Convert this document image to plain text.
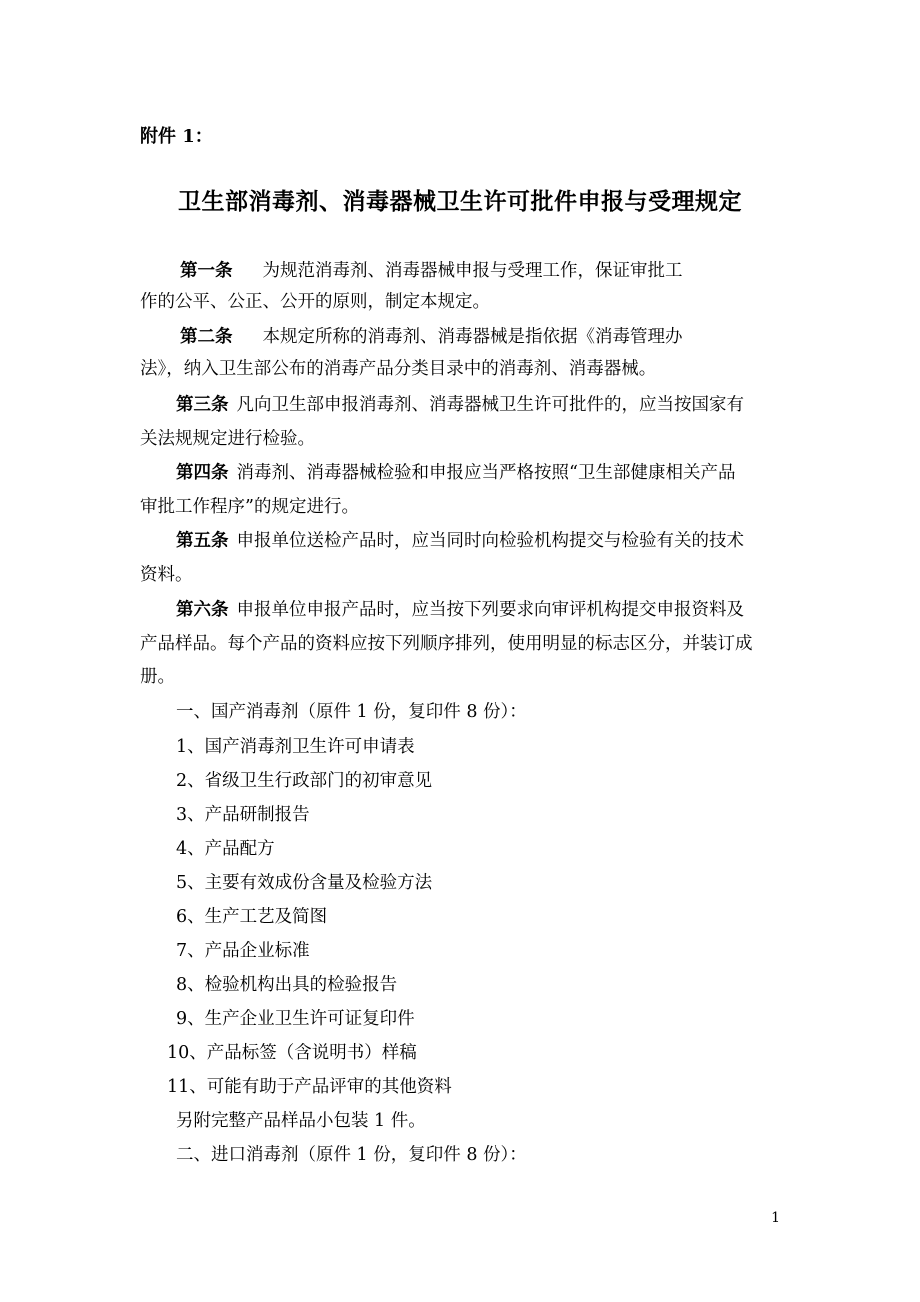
附件 1：
卫生部消毒剂、消毒器械卫生许可批件申报与受理规定
第一条 为规范消毒剂、消毒器械申报与受理工作，保证审批工
作的公平、公正、公开的原则，制定本规定。
第二条 本规定所称的消毒剂、消毒器械是指依据《消毒管理办
法》，纳入卫生部公布的消毒产品分类目录中的消毒剂、消毒器械。
第三条 凡向卫生部申报消毒剂、消毒器械卫生许可批件的，应当按国家有
关法规规定进行检验。
第四条 消毒剂、消毒器械检验和申报应当严格按照“卫生部健康相关产品
审批工作程序”的规定进行。
第五条 申报单位送检产品时，应当同时向检验机构提交与检验有关的技术
资料。
第六条 申报单位申报产品时，应当按下列要求向审评机构提交申报资料及
产品样品。每个产品的资料应按下列顺序排列，使用明显的标志区分，并装订成
册。
一、国产消毒剂（原件 1 份，复印件 8 份）：
1、国产消毒剂卫生许可申请表
2、省级卫生行政部门的初审意见
3、产品研制报告
4、产品配方
5、主要有效成份含量及检验方法
6、生产工艺及简图
7、产品企业标准
8、检验机构出具的检验报告
9、生产企业卫生许可证复印件
10、产品标签（含说明书）样稿
11、可能有助于产品评审的其他资料
另附完整产品样品小包装 1 件。
二、进口消毒剂（原件 1 份，复印件 8 份）：
1
